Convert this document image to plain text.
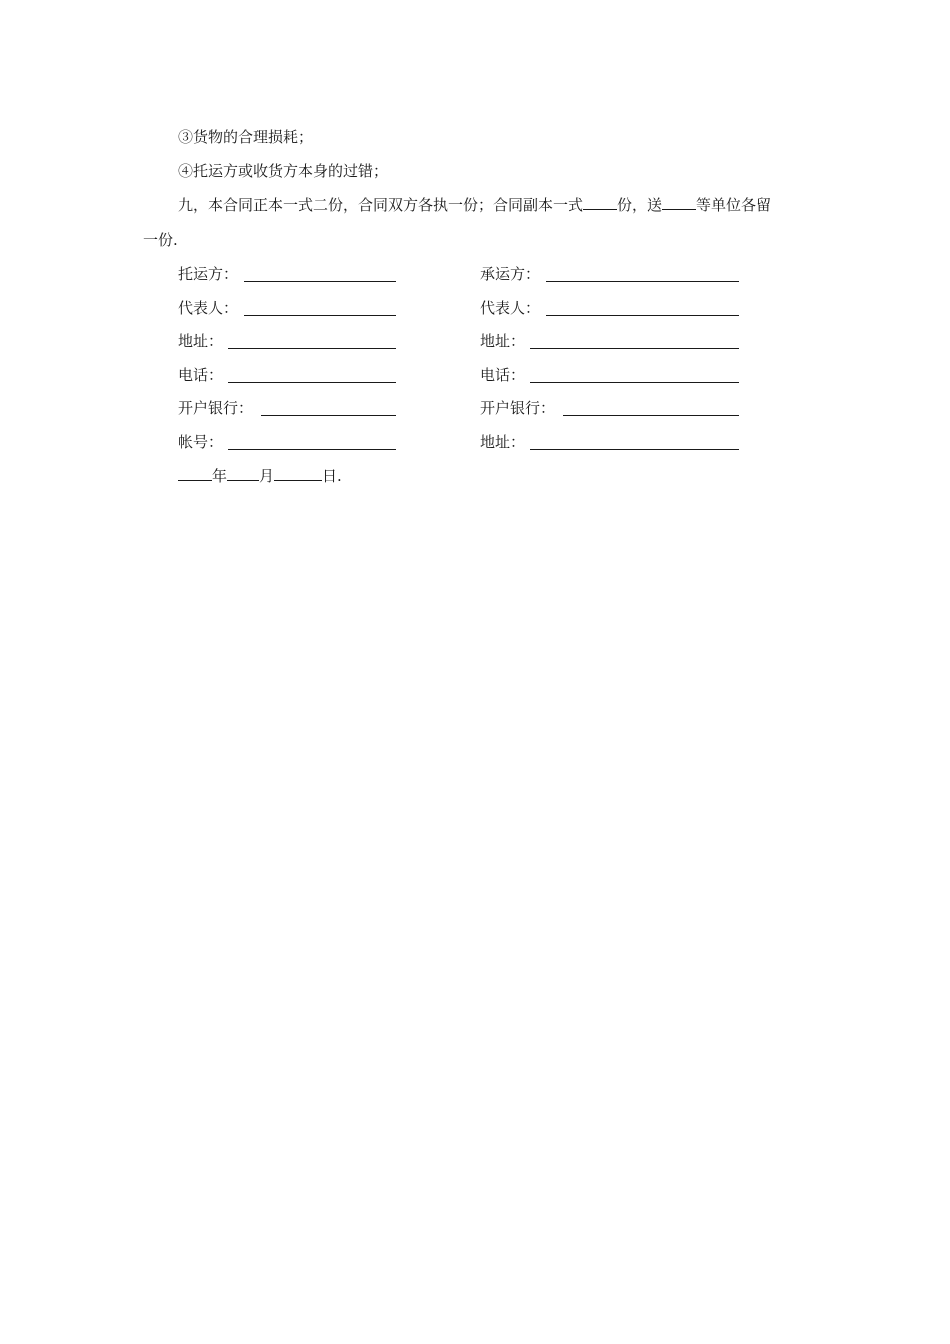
③货物的合理损耗；
④托运方或收货方本身的过错；
九，本合同正本一式二份，合同双方各执一份；合同副本一式 份，送 等单位各留
一份.
托运方：
代表人：
地址：
电话：
开户银行：
帐号：
承运方：
代表人：
地址：
电话：
开户银行：
地址：
年 月	日.
